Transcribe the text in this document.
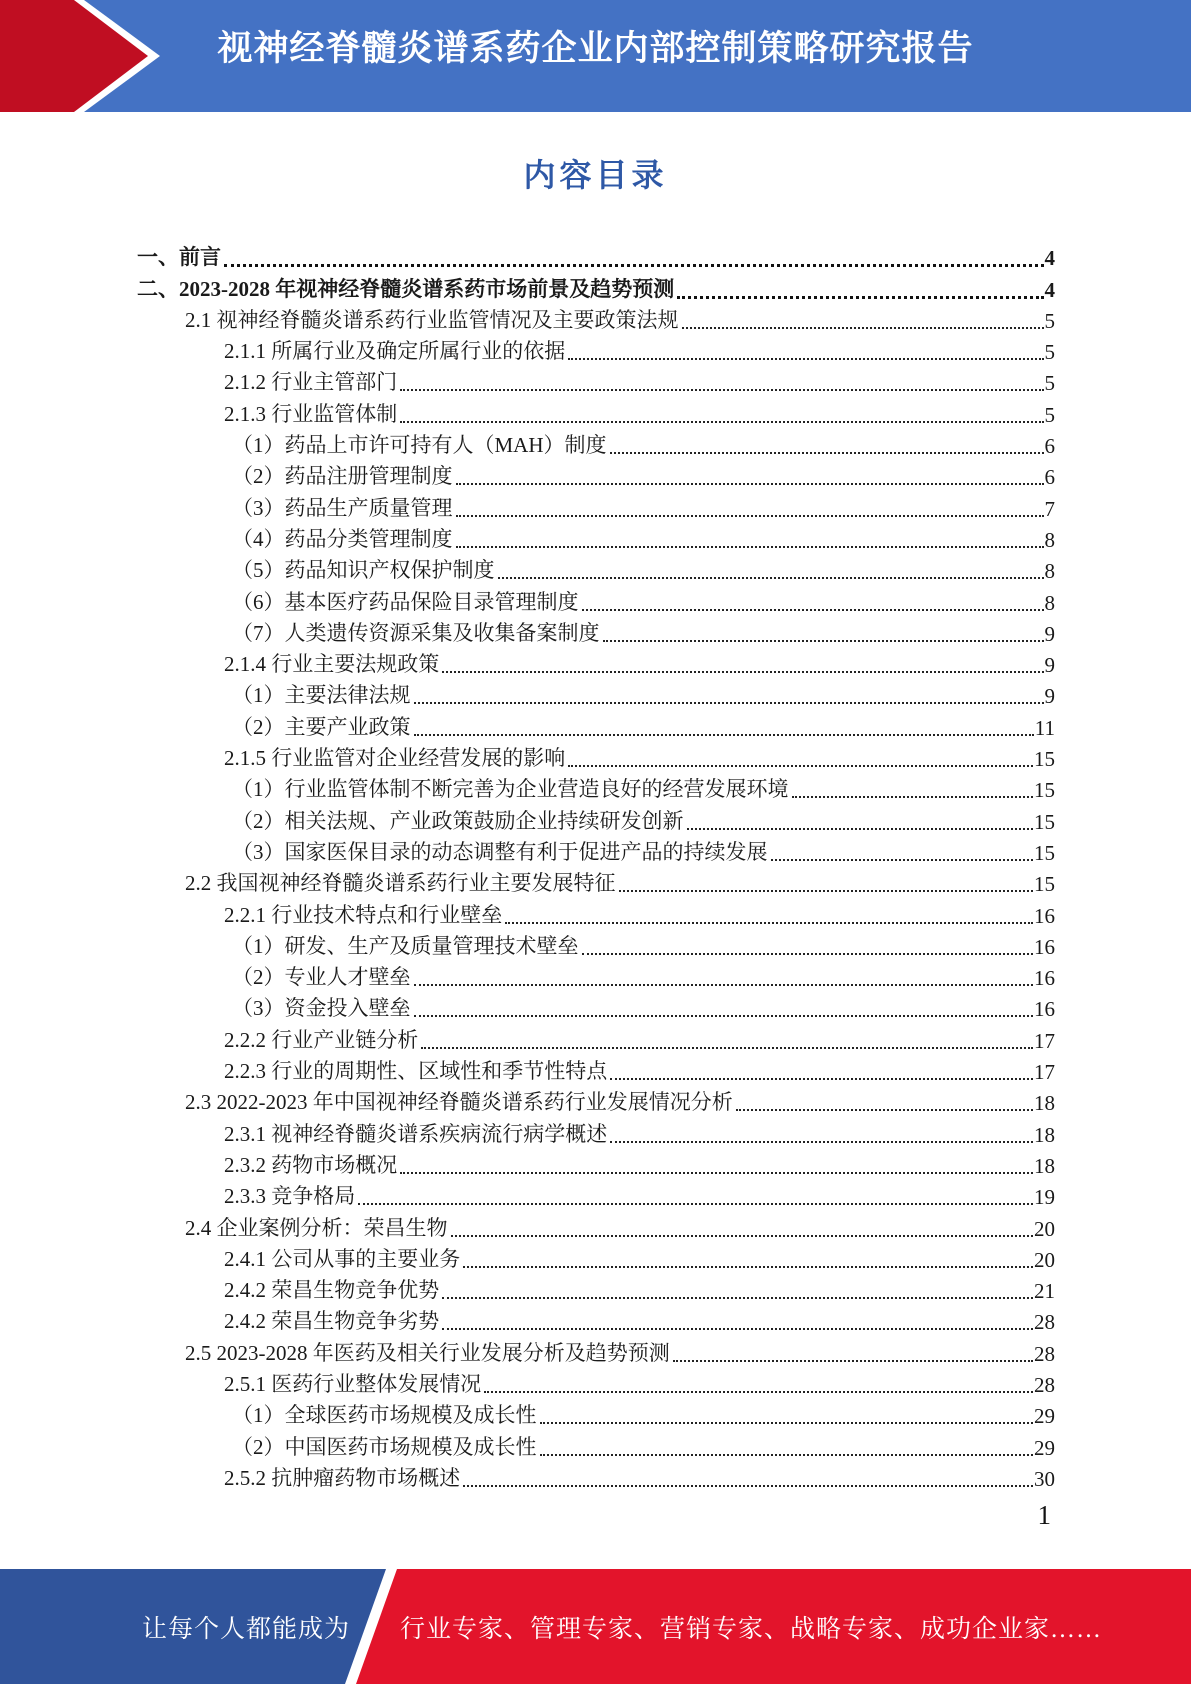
视神经脊髓炎谱系药企业内部控制策略研究报告
内容目录
一、前言	4
二、2023-2028 年视神经脊髓炎谱系药市场前景及趋势预测	4
2.1 视神经脊髓炎谱系药行业监管情况及主要政策法规	5
2.1.1 所属行业及确定所属行业的依据	5
2.1.2 行业主管部门	5
2.1.3 行业监管体制	5
（1）药品上市许可持有人（MAH）制度	6
（2）药品注册管理制度	6
（3）药品生产质量管理	7
（4）药品分类管理制度	8
（5）药品知识产权保护制度	8
（6）基本医疗药品保险目录管理制度	8
（7）人类遗传资源采集及收集备案制度	9
2.1.4 行业主要法规政策	9
（1）主要法律法规	9
（2）主要产业政策	11
2.1.5 行业监管对企业经营发展的影响	15
（1）行业监管体制不断完善为企业营造良好的经营发展环境	15
（2）相关法规、产业政策鼓励企业持续研发创新	15
（3）国家医保目录的动态调整有利于促进产品的持续发展	15
2.2 我国视神经脊髓炎谱系药行业主要发展特征	15
2.2.1 行业技术特点和行业壁垒	16
（1）研发、生产及质量管理技术壁垒	16
（2）专业人才壁垒	16
（3）资金投入壁垒	16
2.2.2 行业产业链分析	17
2.2.3 行业的周期性、区域性和季节性特点	17
2.3 2022-2023 年中国视神经脊髓炎谱系药行业发展情况分析	18
2.3.1 视神经脊髓炎谱系疾病流行病学概述	18
2.3.2 药物市场概况	18
2.3.3 竞争格局	19
2.4 企业案例分析：荣昌生物	20
2.4.1 公司从事的主要业务	20
2.4.2 荣昌生物竞争优势	21
2.4.2 荣昌生物竞争劣势	28
2.5 2023-2028 年医药及相关行业发展分析及趋势预测	28
2.5.1 医药行业整体发展情况	28
（1）全球医药市场规模及成长性	29
（2）中国医药市场规模及成长性	29
2.5.2 抗肿瘤药物市场概述	30
1
让每个人都能成为 行业专家、管理专家、营销专家、战略专家、成功企业家……
